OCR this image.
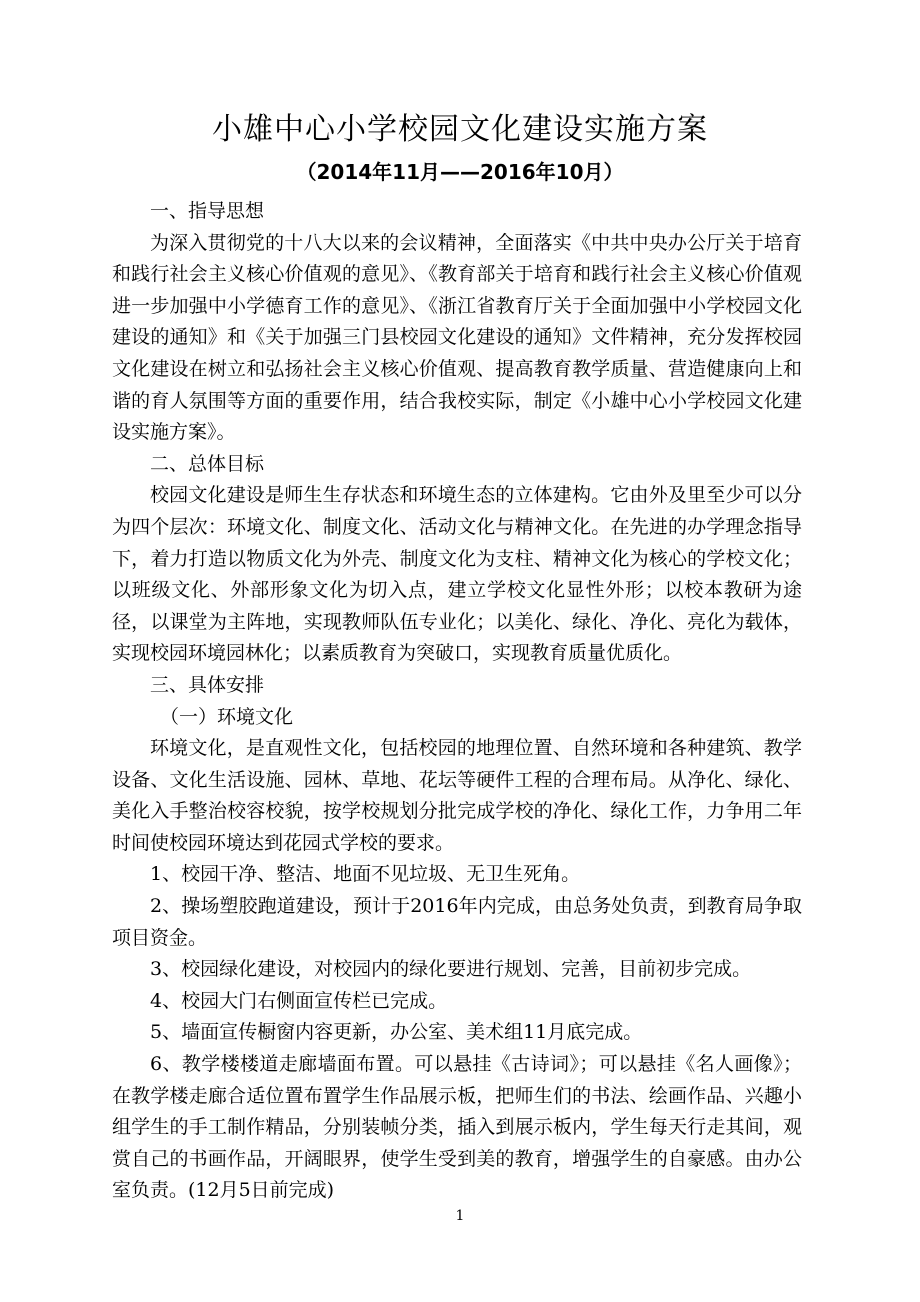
小雄中心小学校园文化建设实施方案
（2014年11月——2016年10月）

一、指导思想

为深入贯彻党的十八大以来的会议精神，全面落实《中共中央办公厅关于培育和践行社会主义核心价值观的意见》、《教育部关于培育和践行社会主义核心价值观进一步加强中小学德育工作的意见》、《浙江省教育厅关于全面加强中小学校园文化建设的通知》和《关于加强三门县校园文化建设的通知》文件精神，充分发挥校园文化建设在树立和弘扬社会主义核心价值观、提高教育教学质量、营造健康向上和谐的育人氛围等方面的重要作用，结合我校实际，制定《小雄中心小学校园文化建设实施方案》。

二、总体目标

校园文化建设是师生生存状态和环境生态的立体建构。它由外及里至少可以分为四个层次：环境文化、制度文化、活动文化与精神文化。在先进的办学理念指导下，着力打造以物质文化为外壳、制度文化为支柱、精神文化为核心的学校文化；以班级文化、外部形象文化为切入点，建立学校文化显性外形；以校本教研为途径，以课堂为主阵地，实现教师队伍专业化；以美化、绿化、净化、亮化为载体，实现校园环境园林化；以素质教育为突破口，实现教育质量优质化。

三、具体安排

（一）环境文化

环境文化，是直观性文化，包括校园的地理位置、自然环境和各种建筑、教学设备、文化生活设施、园林、草地、花坛等硬件工程的合理布局。从净化、绿化、美化入手整治校容校貌，按学校规划分批完成学校的净化、绿化工作，力争用二年时间使校园环境达到花园式学校的要求。

1、校园干净、整洁、地面不见垃圾、无卫生死角。

2、操场塑胶跑道建设，预计于2016年内完成，由总务处负责，到教育局争取项目资金。

3、校园绿化建设，对校园内的绿化要进行规划、完善，目前初步完成。

4、校园大门右侧面宣传栏已完成。

5、墙面宣传橱窗内容更新，办公室、美术组11月底完成。

6、教学楼楼道走廊墙面布置。可以悬挂《古诗词》；可以悬挂《名人画像》；在教学楼走廊合适位置布置学生作品展示板，把师生们的书法、绘画作品、兴趣小组学生的手工制作精品，分别装帧分类，插入到展示板内，学生每天行走其间，观赏自己的书画作品，开阔眼界，使学生受到美的教育，增强学生的自豪感。由办公室负责。(12月5日前完成)

1
